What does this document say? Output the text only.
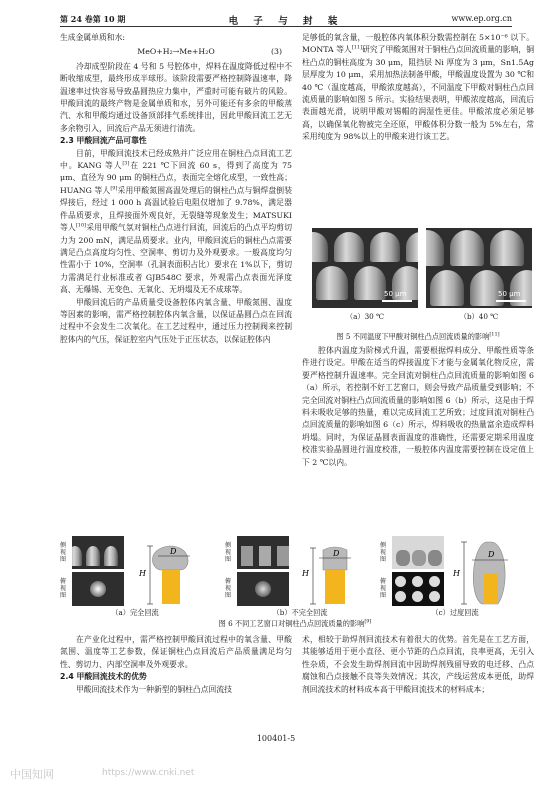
第 24 卷第 10 期	电 子 与 封 装	www.ep.org.cn

生成金属单质和水:

MeO+H₂→Me+H₂O	(3)

冷却成型阶段在 4 号和 5 号腔体中，焊料在温度降低过程中不断收缩成型，最终形成半球形。该阶段需要严格控制降温速率，降温速率过快容易导致晶圆热应力集中，严重时可能有破片的风险。甲酸回流的最终产物是金属单质和水，另外可能还有多余的甲酸蒸汽、水和甲酸均通过设备顶部排气系统排出，因此甲酸回流工艺无多余物引入，回流后产品无须进行清洗。

2.3 甲酸回流产品可靠性

目前，甲酸回流技术已经成熟并广泛应用在铜柱凸点回流工艺中。KANG 等人[3]在 221 ℃下回流 60 s，得到了高度为 75 μm、直径为 90 μm 的铜柱凸点，表面完全熔化成型，一致性高；HUANG 等人[9]采用甲酸氮围高温处理后的铜柱凸点与铜焊盘倒装焊接后，经过 1 000 h 高温试验后电阻仅增加了 9.78%，满足器件品质要求，且焊接面外观良好，无裂缝等现象发生；MATSUKI 等人[10]采用甲酸气氛对铜柱凸点进行回流，回流后的凸点平均剪切力为 200 mN，满足品质要求。业内，甲酸回流后的铜柱凸点需要满足凸点高度均匀性、空洞率、剪切力及外观要求。一般高度均匀性需小于 10%，空洞率（孔洞表面积占比）要求在 1%以下，剪切力需满足行业标准或者 GJB548C 要求，外观需凸点表面光泽度高、无爆锡、无变色、无氧化、无坍塌及无不成球等。

甲酸回流后的产品质量受设备腔体内氧含量、甲酸氮围、温度等因素的影响，需严格控制腔体内氧含量，以保证晶圆凸点在回流过程中不会发生二次氧化。在工艺过程中，通过压力控制阀来控制腔体内的气压，保证腔室内气压处于正压状态，以保证腔体内

足够低的氧含量，一般腔体内氧体积分数需控制在 5×10⁻⁶ 以下。MONTA 等人[11]研究了甲酸氮围对于铜柱凸点回流质量的影响，铜柱凸点的铜柱高度为 30 μm，阻挡层 Ni 厚度为 3 μm，Sn1.5Ag 层厚度为 10 μm，采用加热法制备甲酸，甲酸温度设置为 30 ℃和 40 ℃（温度越高，甲酸浓度越高），不同温度下甲酸对铜柱凸点回流质量的影响如图 5 所示。实验结果表明，甲酸浓度越高，回流后表面越光滑，说明甲酸对锡帽的润湿性更佳。甲酸浓度必须足够高，以确保氧化物被完全还原，甲酸体积分数一般为 5%左右，常采用纯度为 98%以上的甲酸来进行该工艺。

50 μm	50 μm
（a）30 ℃	（b）40 ℃
图 5 不同温度下甲酸对铜柱凸点回流质量的影响[11]

腔体内温度为阶梯式升温，需要根据焊料成分、甲酸性质等条件进行设定。甲酸在适当的焊接温度下才能与金属氧化物反应，需要严格控制升温速率。完全回流对铜柱凸点回流质量的影响如图 6（a）所示，若控制不好工艺窗口，则会导致产品质量受到影响；不完全回流对铜柱凸点回流质量的影响如图 6（b）所示，这是由于焊料未吸收足够的热量，难以完成回流工艺所致；过度回流对铜柱凸点回流质量的影响如图 6（c）所示，焊料吸收的热量富余造成焊料坍塌。同时，为保证晶圆表面温度的准确性，还需要定期采用温度校准实验晶圆进行温度校准，一般腔体内温度需要控制在设定值上下 2 ℃以内。

侧视图
俯视图
H
D
侧视图
俯视图
H
D
侧视图
俯视图
H
D
（a）完全回流	（b）不完全回流	（c）过度回流
图 6 不同工艺窗口对铜柱凸点回流质量的影响[9]

在产业化过程中，需严格控制甲酸回流过程中的氧含量、甲酸氮围、温度等工艺参数，保证铜柱凸点回流后产品质量满足均匀性、剪切力、内部空洞率及外观要求。

2.4 甲酸回流技术的优势

甲酸回流技术作为一种新型的铜柱凸点回流技

术，相较于助焊剂回流技术有着很大的优势。首先是在工艺方面，其能够适用于更小直径、更小节距的凸点回流，良率更高，无引入性杂质，不会发生助焊剂回流中因助焊剂残留导致的电迁移、凸点腐蚀和凸点接触不良等失效情况；其次，产线运营成本更低，助焊剂回流技术的材料成本高于甲酸回流技术的材料成本；

100401-5
中国知网	https://www.cnki.net
